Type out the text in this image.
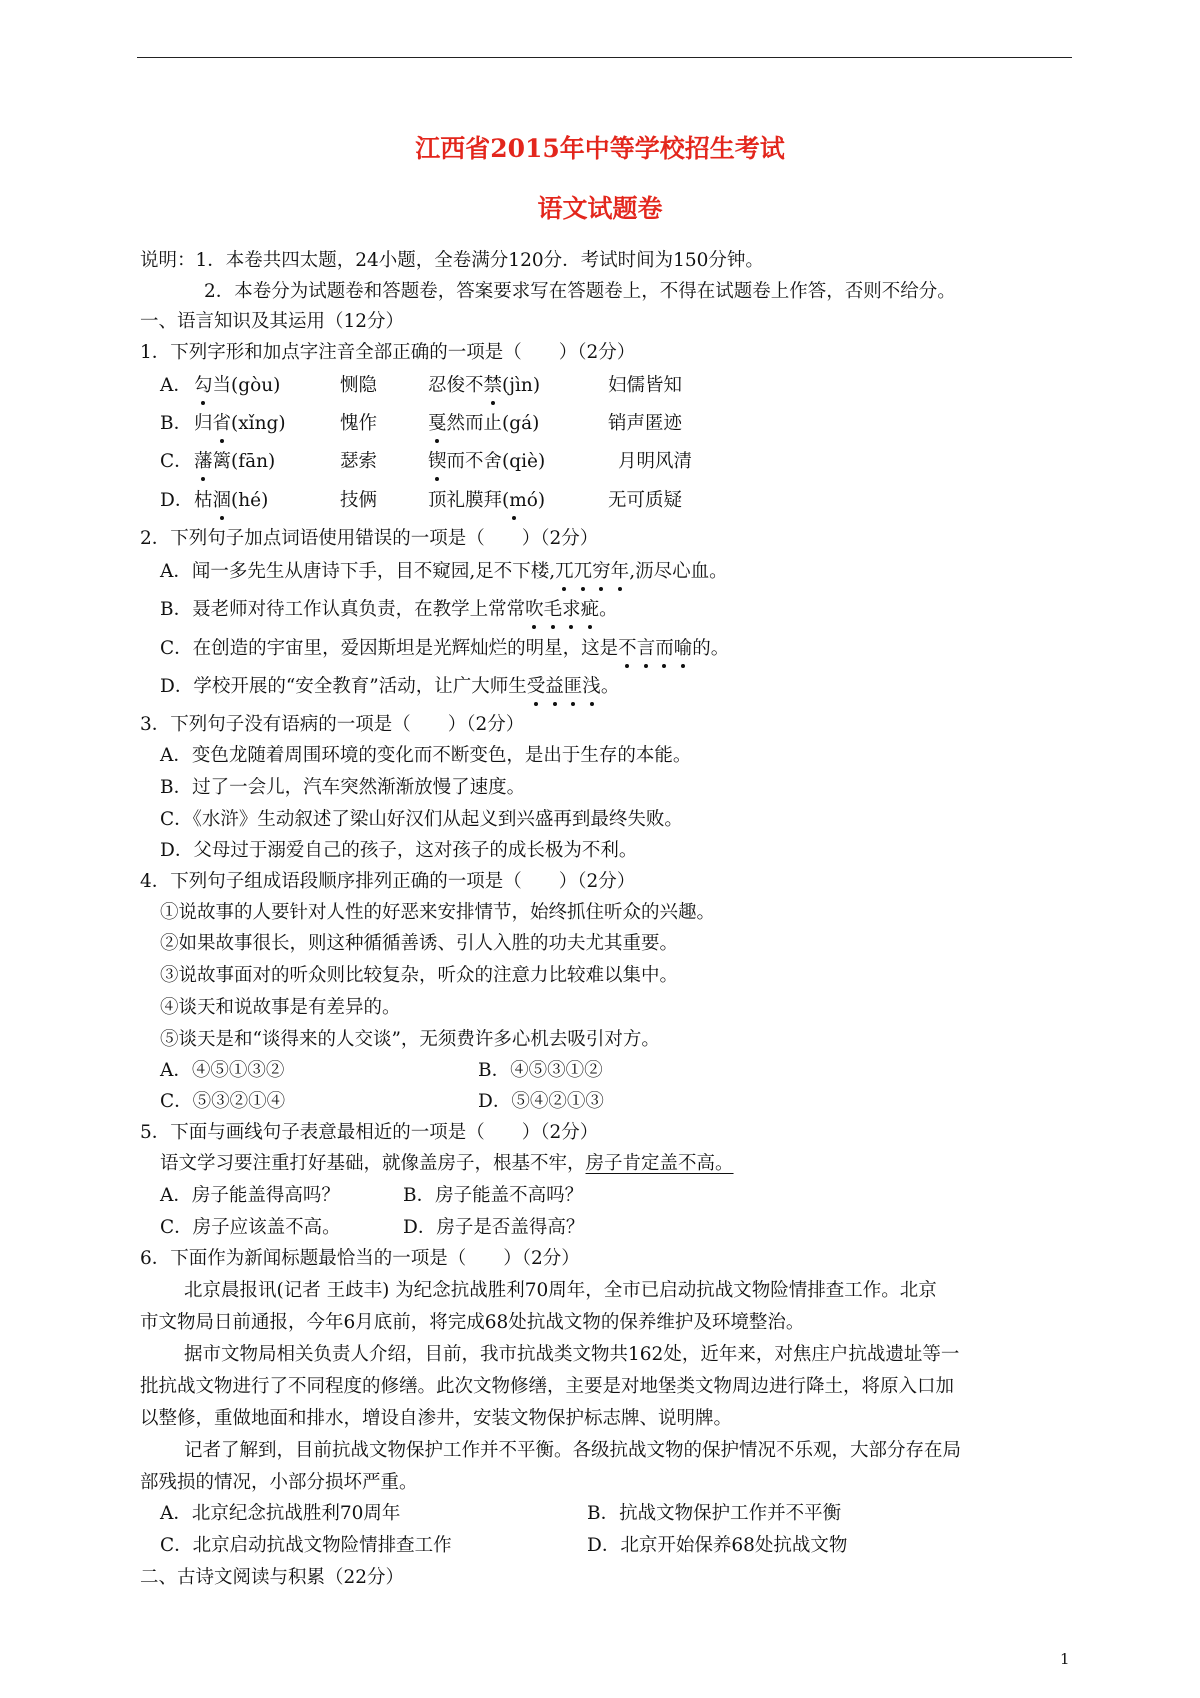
江西省2015年中等学校招生考试
语文试题卷
说明：1．本卷共四太题，24小题，全卷满分120分．考试时间为150分钟。
2．本卷分为试题卷和答题卷，答案要求写在答题卷上，不得在试题卷上作答，否则不给分。
一、语言知识及其运用（12分）
1．下列字形和加点字注音全部正确的一项是（　　）（2分）
A． 勾当(gòu)	恻隐	忍俊不禁(jìn)	妇儒皆知
B． 归省(xǐng)	愧作	戛然而止(gá)	销声匿迹
C． 藩篱(fān)	瑟索	锲而不舍(qiè)	月明风清
D． 枯涸(hé)	技俩	顶礼膜拜(mó)	无可质疑
2．下列句子加点词语使用错误的一项是（　　）（2分）
A．闻一多先生从唐诗下手，目不窥园,足不下楼,兀兀穷年,沥尽心血。
B．聂老师对待工作认真负责，在教学上常常吹毛求疵。
C．在创造的宇宙里，爱因斯坦是光辉灿烂的明星，这是不言而喻的。
D．学校开展的“安全教育”活动，让广大师生受益匪浅。
3．下列句子没有语病的一项是（　　）（2分）
A．变色龙随着周围环境的变化而不断变色，是出于生存的本能。
B．过了一会儿，汽车突然渐渐放慢了速度。
C．《水浒》生动叙述了梁山好汉们从起义到兴盛再到最终失败。
D．父母过于溺爱自己的孩子，这对孩子的成长极为不利。
4．下列句子组成语段顺序排列正确的一项是（　　）（2分）
①说故事的人要针对人性的好恶来安排情节，始终抓住听众的兴趣。
②如果故事很长，则这种循循善诱、引人入胜的功夫尤其重要。
③说故事面对的听众则比较复杂，听众的注意力比较难以集中。
④谈天和说故事是有差异的。
⑤谈天是和“谈得来的人交谈”，无须费许多心机去吸引对方。
A．④⑤①③②	B．④⑤③①②
C．⑤③②①④	D．⑤④②①③
5．下面与画线句子表意最相近的一项是（　　）（2分）
语文学习要注重打好基础，就像盖房子，根基不牢，房子肯定盖不高。
A．房子能盖得高吗？	B．房子能盖不高吗？
C．房子应该盖不高。	D．房子是否盖得高？
6．下面作为新闻标题最恰当的一项是（　　）（2分）
北京晨报讯(记者 王歧丰) 为纪念抗战胜利70周年，全市已启动抗战文物险情排查工作。北京
市文物局日前通报，今年6月底前，将完成68处抗战文物的保养维护及环境整治。
据市文物局相关负责人介绍，目前，我市抗战类文物共162处，近年来，对焦庄户抗战遗址等一
批抗战文物进行了不同程度的修缮。此次文物修缮，主要是对地堡类文物周边进行降土，将原入口加
以整修，重做地面和排水，增设自渗井，安装文物保护标志牌、说明牌。
记者了解到，目前抗战文物保护工作并不平衡。各级抗战文物的保护情况不乐观，大部分存在局
部残损的情况，小部分损坏严重。
A．北京纪念抗战胜利70周年	B．抗战文物保护工作并不平衡
C．北京启动抗战文物险情排查工作	D．北京开始保养68处抗战文物
二、古诗文阅读与积累（22分）
1
